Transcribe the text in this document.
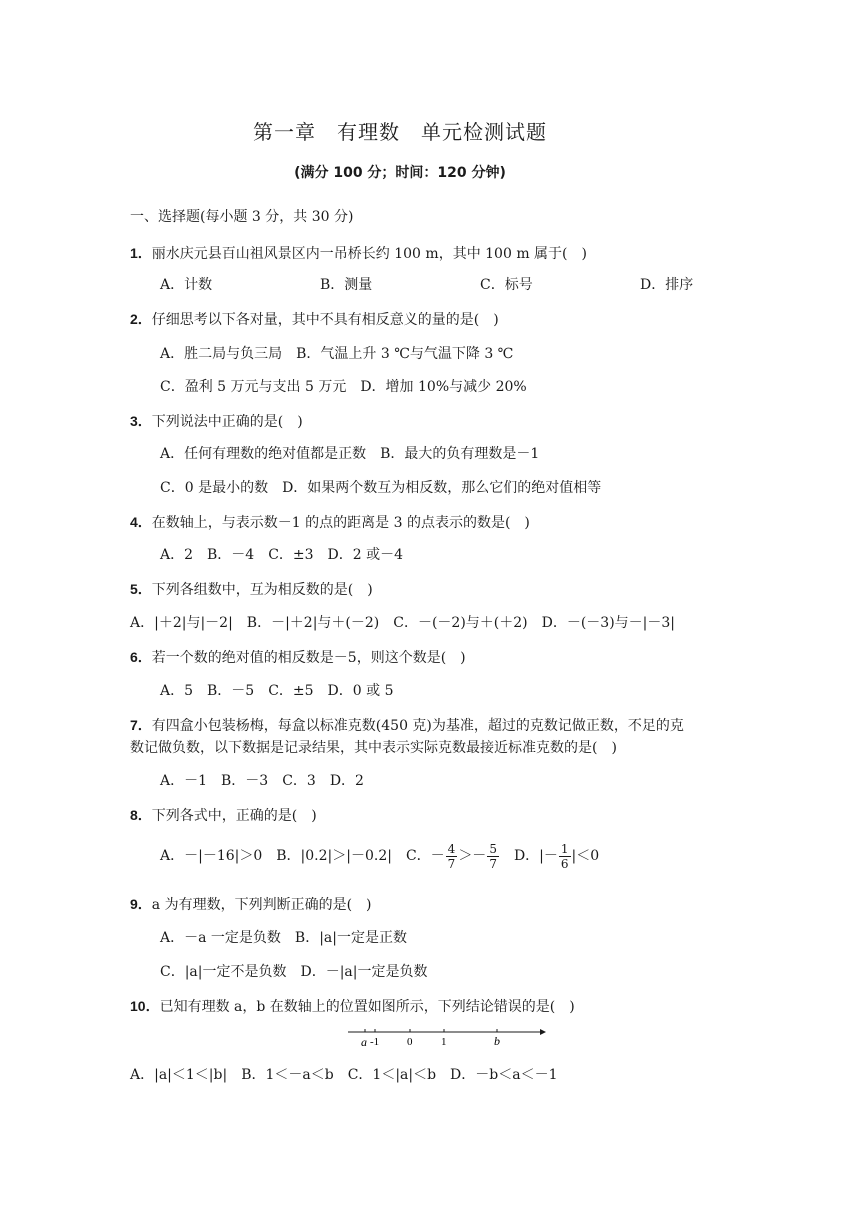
第一章　有理数　单元检测试题
(满分 100 分；时间：120 分钟)
一、选择题(每小题 3 分，共 30 分)
1．丽水庆元县百山祖风景区内一吊桥长约 100 m，其中 100 m 属于(　)
A．计数	B．测量	C．标号	D．排序
2．仔细思考以下各对量，其中不具有相反意义的量的是(　)
A．胜二局与负三局　B．气温上升 3 ℃与气温下降 3 ℃
C．盈利 5 万元与支出 5 万元　D．增加 10%与减少 20%
3．下列说法中正确的是(　)
A．任何有理数的绝对值都是正数　B．最大的负有理数是－1
C．0 是最小的数　D．如果两个数互为相反数，那么它们的绝对值相等
4．在数轴上，与表示数－1 的点的距离是 3 的点表示的数是(　)
A．2　B．－4　C．±3　D．2 或－4
5．下列各组数中，互为相反数的是(　)
A．|＋2|与|－2|　B．－|＋2|与＋(－2)　C．－(－2)与＋(＋2)　D．－(－3)与－|－3|
6．若一个数的绝对值的相反数是－5，则这个数是(　)
A．5　B．－5　C．±5　D．0 或 5
7．有四盒小包装杨梅，每盒以标准克数(450 克)为基准，超过的克数记做正数，不足的克
数记做负数，以下数据是记录结果，其中表示实际克数最接近标准克数的是(　)
A．－1　B．－3　C．3　D．2
8．下列各式中，正确的是(　)
A．－|－16|＞0　B．|0.2|＞|－0.2|　C．－ $\frac{4}{7} >- \frac{5}{7}$ 　D．|－ $\frac{1}{6} |<0$
9．a 为有理数，下列判断正确的是(　)
A．－a 一定是负数　B．|a|一定是正数
C．|a|一定不是负数　D．－|a|一定是负数
10．已知有理数 a，b 在数轴上的位置如图所示，下列结论错误的是(　)
a -1	0	1	b
A．|a|＜1＜|b|　B．1＜－a＜b　C．1＜|a|＜b　D．－b＜a＜－1
